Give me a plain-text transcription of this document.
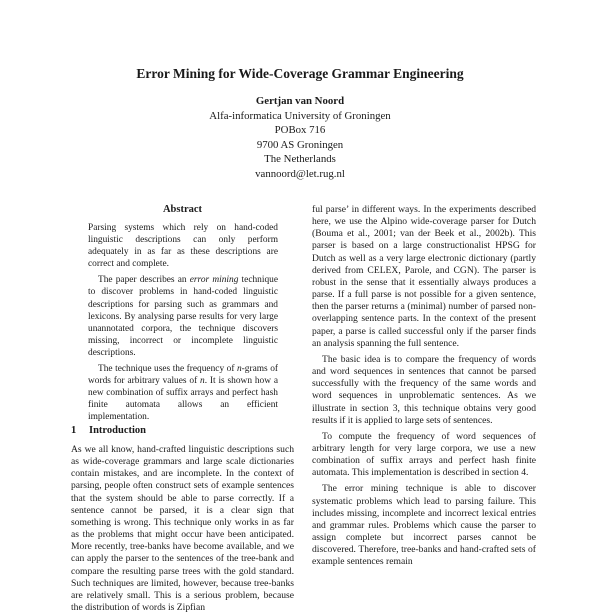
Error Mining for Wide-Coverage Grammar Engineering
Gertjan van Noord
Alfa-informatica University of Groningen
POBox 716
9700 AS Groningen
The Netherlands
vannoord@let.rug.nl
Abstract

Parsing systems which rely on hand-coded linguistic descriptions can only perform adequately in as far as these descriptions are correct and complete.

The paper describes an error mining technique to discover problems in hand-coded linguistic descriptions for parsing such as grammars and lexicons. By analysing parse results for very large unannotated corpora, the technique discovers missing, incorrect or incomplete linguistic descriptions.

The technique uses the frequency of n-grams of words for arbitrary values of n. It is shown how a new combination of suffix arrays and perfect hash finite automata allows an efficient implementation.

1 Introduction

As we all know, hand-crafted linguistic descriptions such as wide-coverage grammars and large scale dictionaries contain mistakes, and are incomplete. In the context of parsing, people often construct sets of example sentences that the system should be able to parse correctly. If a sentence cannot be parsed, it is a clear sign that something is wrong. This technique only works in as far as the problems that might occur have been anticipated. More recently, tree-banks have become available, and we can apply the parser to the sentences of the tree-bank and compare the resulting parse trees with the gold standard. Such techniques are limited, however, because tree-banks are relatively small. This is a serious problem, because the distribution of words is Zipfian

ful parse’ in different ways. In the experiments described here, we use the Alpino wide-coverage parser for Dutch (Bouma et al., 2001; van der Beek et al., 2002b). This parser is based on a large constructionalist HPSG for Dutch as well as a very large electronic dictionary (partly derived from CELEX, Parole, and CGN). The parser is robust in the sense that it essentially always produces a parse. If a full parse is not possible for a given sentence, then the parser returns a (minimal) number of parsed non-overlapping sentence parts. In the context of the present paper, a parse is called successful only if the parser finds an analysis spanning the full sentence.

The basic idea is to compare the frequency of words and word sequences in sentences that cannot be parsed successfully with the frequency of the same words and word sequences in unproblematic sentences. As we illustrate in section 3, this technique obtains very good results if it is applied to large sets of sentences.

To compute the frequency of word sequences of arbitrary length for very large corpora, we use a new combination of suffix arrays and perfect hash finite automata. This implementation is described in section 4.

The error mining technique is able to discover systematic problems which lead to parsing failure. This includes missing, incomplete and incorrect lexical entries and grammar rules. Problems which cause the parser to assign complete but incorrect parses cannot be discovered. Therefore, tree-banks and hand-crafted sets of example sentences remain
